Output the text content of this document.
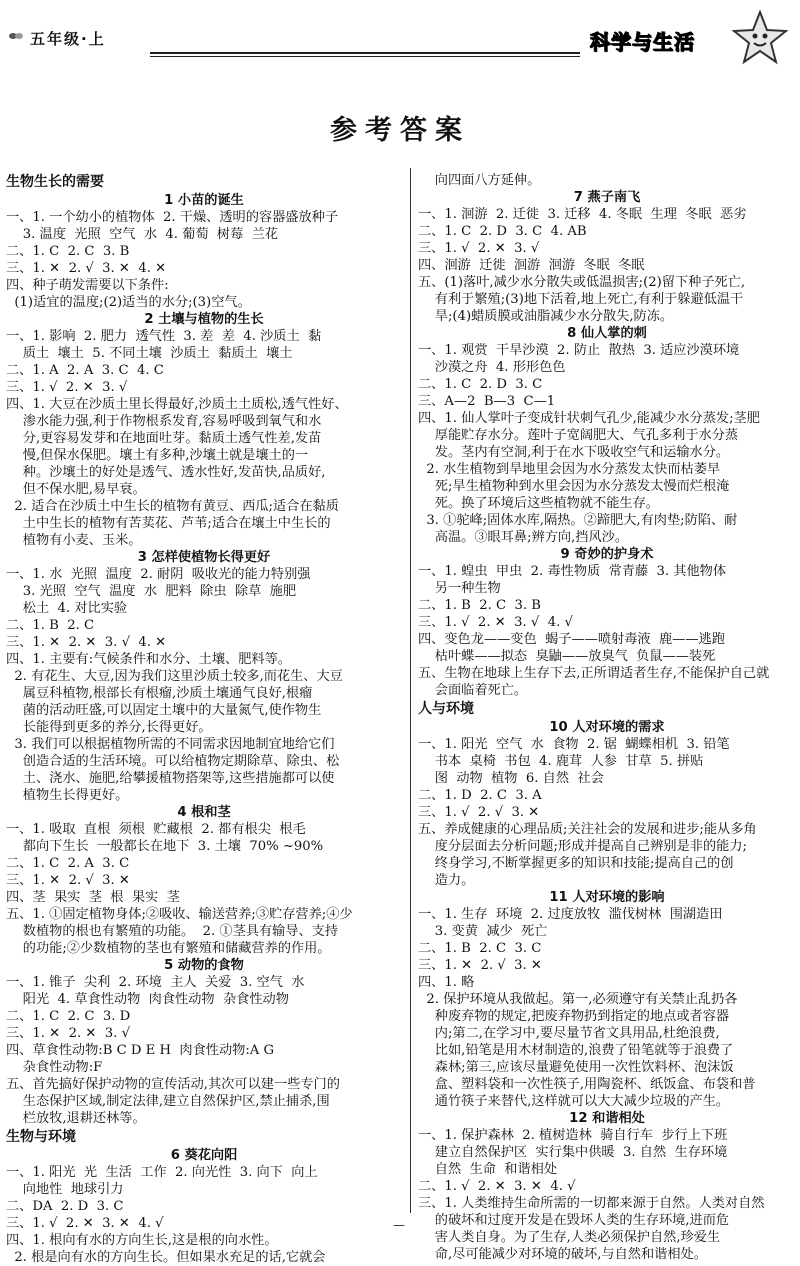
五年级·上	科学与生活
参考答案
生物生长的需要
1 小苗的诞生
一、1. 一个幼小的植物体  2. 干燥、透明的容器盛放种子
3. 温度  光照  空气  水  4. 葡萄  树莓  兰花
二、1. C  2. C  3. B
三、1. ✕  2. √  3. ✕  4. ✕
四、种子萌发需要以下条件:
(1)适宜的温度;(2)适当的水分;(3)空气。
2 土壤与植物的生长
一、1. 影响  2. 肥力  透气性  3. 差  差  4. 沙质土  黏
质土  壤土  5. 不同土壤  沙质土  黏质土  壤土
二、1. A  2. A  3. C  4. C
三、1. √  2. ✕  3. √
四、1. 大豆在沙质土里长得最好,沙质土土质松,透气性好、
渗水能力强,利于作物根系发育,容易呼吸到氧气和水
分,更容易发芽和在地面吐芽。黏质土透气性差,发苗
慢,但保水保肥。壤土有多种,沙壤土就是壤土的一
种。沙壤土的好处是透气、透水性好,发苗快,品质好,
但不保水肥,易早衰。
2. 适合在沙质土中生长的植物有黄豆、西瓜;适合在黏质
土中生长的植物有苦荬花、芦苇;适合在壤土中生长的
植物有小麦、玉米。
3 怎样使植物长得更好
一、1. 水  光照  温度  2. 耐阴  吸收光的能力特别强
3. 光照  空气  温度  水  肥料  除虫  除草  施肥
松土  4. 对比实验
二、1. B  2. C
三、1. ✕  2. ✕  3. √  4. ✕
四、1. 主要有:气候条件和水分、土壤、肥料等。
2. 有花生、大豆,因为我们这里沙质土较多,而花生、大豆
属豆科植物,根部长有根瘤,沙质土壤通气良好,根瘤
菌的活动旺盛,可以固定土壤中的大量氮气,使作物生
长能得到更多的养分,长得更好。
3. 我们可以根据植物所需的不同需求因地制宜地给它们
创造合适的生活环境。可以给植物定期除草、除虫、松
土、浇水、施肥,给攀援植物搭架等,这些措施都可以使
植物生长得更好。
4 根和茎
一、1. 吸取  直根  须根  贮藏根  2. 都有根尖  根毛
都向下生长  一般都长在地下  3. 土壤  70% ~90%
二、1. C  2. A  3. C
三、1. ✕  2. √  3. ✕
四、茎  果实  茎  根  果实  茎
五、1. ①固定植物身体;②吸收、输送营养;③贮存营养;④少
数植物的根也有繁殖的功能。  2. ①茎具有输导、支持
的功能;②少数植物的茎也有繁殖和储藏营养的作用。
5 动物的食物
一、1. 锥子  尖利  2. 环境  主人  关爱  3. 空气  水
阳光  4. 草食性动物  肉食性动物  杂食性动物
二、1. C  2. C  3. D
三、1. ✕  2. ✕  3. √
四、草食性动物:B C D E H  肉食性动物:A G
杂食性动物:F
五、首先搞好保护动物的宣传活动,其次可以建一些专门的
生态保护区域,制定法律,建立自然保护区,禁止捕杀,围
栏放牧,退耕还林等。
生物与环境
6 葵花向阳
一、1. 阳光  光  生活  工作  2. 向光性  3. 向下  向上
向地性  地球引力
二、DA  2. D  3. C
三、1. √  2. ✕  3. ✕  4. √
四、1. 根向有水的方向生长,这是根的向水性。
2. 根是向有水的方向生长。但如果水充足的话,它就会
向四面八方延伸。
7 燕子南飞
一、1. 洄游  2. 迁徙  3. 迁移  4. 冬眠  生理  冬眠  恶劣
二、1. C  2. D  3. C  4. AB
三、1. √  2. ✕  3. √
四、洄游  迁徙  洄游  洄游  冬眠  冬眠
五、(1)落叶,减少水分散失或低温损害;(2)留下种子死亡,
有利于繁殖;(3)地下活着,地上死亡,有利于躲避低温干
旱;(4)蜡质膜或油脂减少水分散失,防冻。
8 仙人掌的刺
一、1. 观赏  干旱沙漠  2. 防止  散热  3. 适应沙漠环境
沙漠之舟  4. 形形色色
二、1. C  2. D  3. C
三、A—2  B—3  C—1
四、1. 仙人掌叶子变成针状刺气孔少,能减少水分蒸发;茎肥
厚能贮存水分。莲叶子宽阔肥大、气孔多利于水分蒸
发。茎内有空洞,利于在水下吸收空气和运输水分。
2. 水生植物到旱地里会因为水分蒸发太快而枯萎早
死;旱生植物种到水里会因为水分蒸发太慢而烂根淹
死。换了环境后这些植物就不能生存。
3. ①驼峰;固体水库,隔热。②蹄肥大,有肉垫;防陷、耐
高温。③眼耳鼻;辨方向,挡风沙。
9 奇妙的护身术
一、1. 蝗虫  甲虫  2. 毒性物质  常青藤  3. 其他物体
另一种生物
二、1. B  2. C  3. B
三、1. √  2. ✕  3. √  4. √
四、变色龙——变色  蝎子——喷射毒液  鹿——逃跑
枯叶蝶——拟态  臭鼬——放臭气  负鼠——装死
五、生物在地球上生存下去,正所谓适者生存,不能保护自己就
会面临着死亡。
人与环境
10 人对环境的需求
一、1. 阳光  空气  水  食物  2. 锯  蝴蝶相机  3. 铅笔
书本  桌椅  书包  4. 鹿茸  人参  甘草  5. 拼贴
图  动物  植物  6. 自然  社会
二、1. D  2. C  3. A
三、1. √  2. √  3. ✕
五、养成健康的心理品质;关注社会的发展和进步;能从多角
度分层面去分析问题;形成并提高自己辨别是非的能力;
终身学习,不断掌握更多的知识和技能;提高自己的创
造力。
11 人对环境的影响
一、1. 生存  环境  2. 过度放牧  滥伐树林  围湖造田
3. 变黄  减少  死亡
二、1. B  2. C  3. C
三、1. ✕  2. √  3. ✕
四、1. 略
2. 保护环境从我做起。第一,必须遵守有关禁止乱扔各
种废弃物的规定,把废弃物扔到指定的地点或者容器
内;第二,在学习中,要尽量节省文具用品,杜绝浪费,
比如,铅笔是用木材制造的,浪费了铅笔就等于浪费了
森林;第三,应该尽量避免使用一次性饮料杯、泡沫饭
盒、塑料袋和一次性筷子,用陶瓷杯、纸饭盒、布袋和普
通竹筷子来替代,这样就可以大大减少垃圾的产生。
12 和谐相处
一、1. 保护森林  2. 植树造林  骑自行车  步行上下班
建立自然保护区  实行集中供暖  3. 自然  生存环境
自然  生命  和谐相处
二、1. √  2. ✕  3. ✕  4. √
三、1. 人类维持生命所需的一切都来源于自然。人类对自然
的破坏和过度开发是在毁坏人类的生存环境,进而危
害人类自身。为了生存,人类必须保护自然,珍爱生
命,尽可能减少对环境的破坏,与自然和谐相处。
—
